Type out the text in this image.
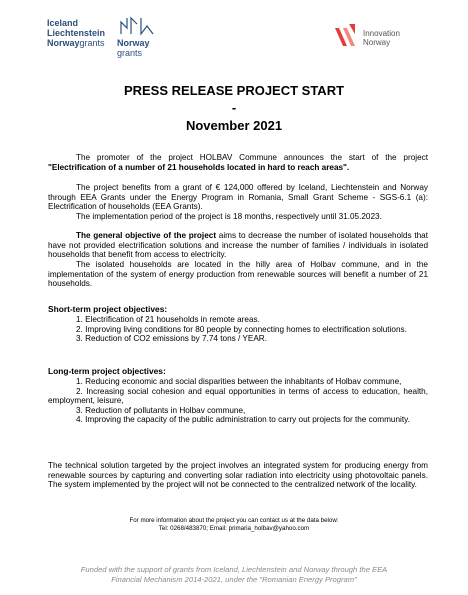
Iceland
Liechtenstein
Norwaygrants Norway
grants
Innovation
Norway
PRESS RELEASE PROJECT START
-
November 2021
The promoter of the project HOLBAV Commune announces the start of the project "Electrification of a number of 21 households located in hard to reach areas".
The project benefits from a grant of € 124,000 offered by Iceland, Liechtenstein and Norway through EEA Grants under the Energy Program in Romania, Small Grant Scheme - SGS-6.1 (a): Electrification of households (EEA Grants).
The implementation period of the project is 18 months, respectively until 31.05.2023.
The general objective of the project aims to decrease the number of isolated households that have not provided electrification solutions and increase the number of families / individuals in isolated households that benefit from access to electricity.
The isolated households are located in the hilly area of Holbav commune, and in the implementation of the system of energy production from renewable sources will benefit a number of 21 households.
Short-term project objectives:
1. Electrification of 21 households in remote areas.
2. Improving living conditions for 80 people by connecting homes to electrification solutions.
3. Reduction of CO2 emissions by 7.74 tons / YEAR.
Long-term project objectives:
1. Reducing economic and social disparities between the inhabitants of Holbav commune,
2. Increasing social cohesion and equal opportunities in terms of access to education, health, employment, leisure,
3. Reduction of pollutants in Holbav commune,
4. Improving the capacity of the public administration to carry out projects for the community.
The technical solution targeted by the project involves an integrated system for producing energy from renewable sources by capturing and converting solar radiation into electricity using photovoltaic panels. The system implemented by the project will not be connected to the centralized network of the locality.
For more information about the project you can contact us at the data below:
Tel: 0268/483870; Email: primaria_holbav@yahoo.com
Funded with the support of grants from Iceland, Liechtenstein and Norway through the EEA
Financial Mechanism 2014-2021, under the "Romanian Energy Program"
